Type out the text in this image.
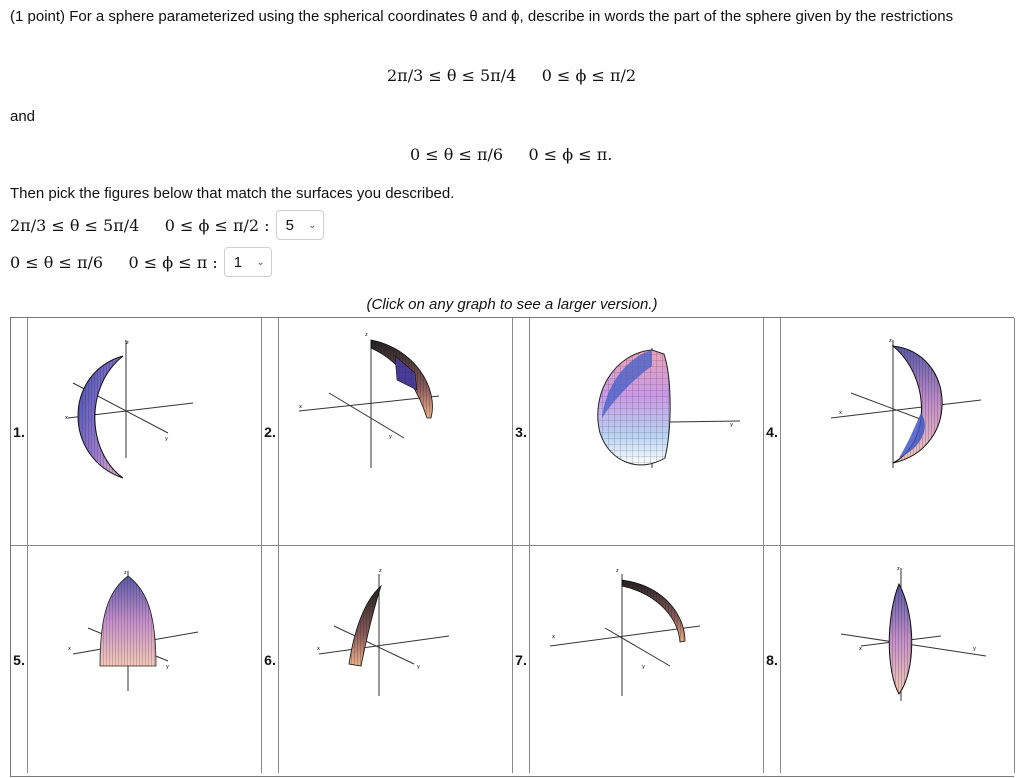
(1 point) For a sphere parameterized using the spherical coordinates θ and ϕ, describe in words the part of the sphere given by the restrictions
2π/3 ≤ θ ≤ 5π/4     0 ≤ ϕ ≤ π/2
and
0 ≤ θ ≤ π/6     0 ≤ ϕ ≤ π.
Then pick the figures below that match the surfaces you described.
2π/3 ≤ θ ≤ 5π/4     0 ≤ ϕ ≤ π/2 : 5 ⌄
0 ≤ θ ≤ π/6     0 ≤ ϕ ≤ π : 1 ⌄
(Click on any graph to see a larger version.)
1.
z
x
y	2.
z
x
y	3.	y 4.
z
x
5.
z
x
y	6.
z
x
y	7.
z
x
y	8.
z
x	y
